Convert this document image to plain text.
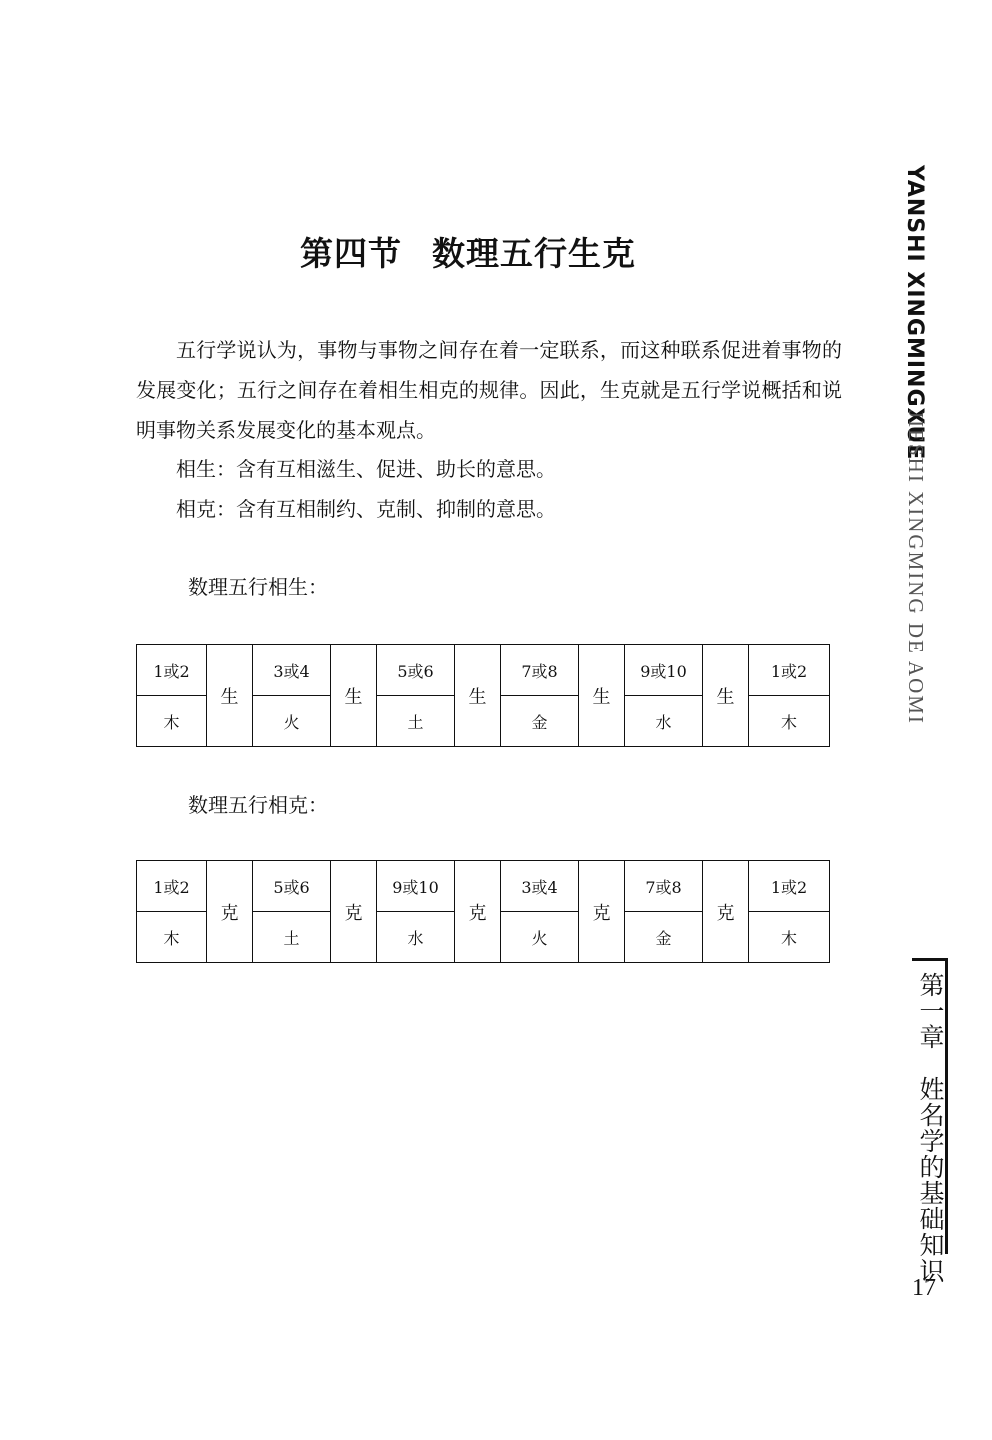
第四节 数理五行生克

五行学说认为，事物与事物之间存在着一定联系，而这种联系促进着事物的发展变化；五行之间存在着相生相克的规律。因此，生克就是五行学说概括和说明事物关系发展变化的基本观点。

相生：含有互相滋生、促进、助长的意思。

相克：含有互相制约、克制、抑制的意思。

数理五行相生：
1或2	生	3或4	生	5或6	生	7或8	生	9或10	生	1或2
木		火		土		金		水		木
数理五行相克：
1或2	克	5或6	克	9或10	克	3或4	克	7或8	克	1或2
木		土		水		火		金		木
YANSHI XINGMINGXUE
JIESHI XINGMING DE AOMI
第一章　姓名学的基础知识
17
